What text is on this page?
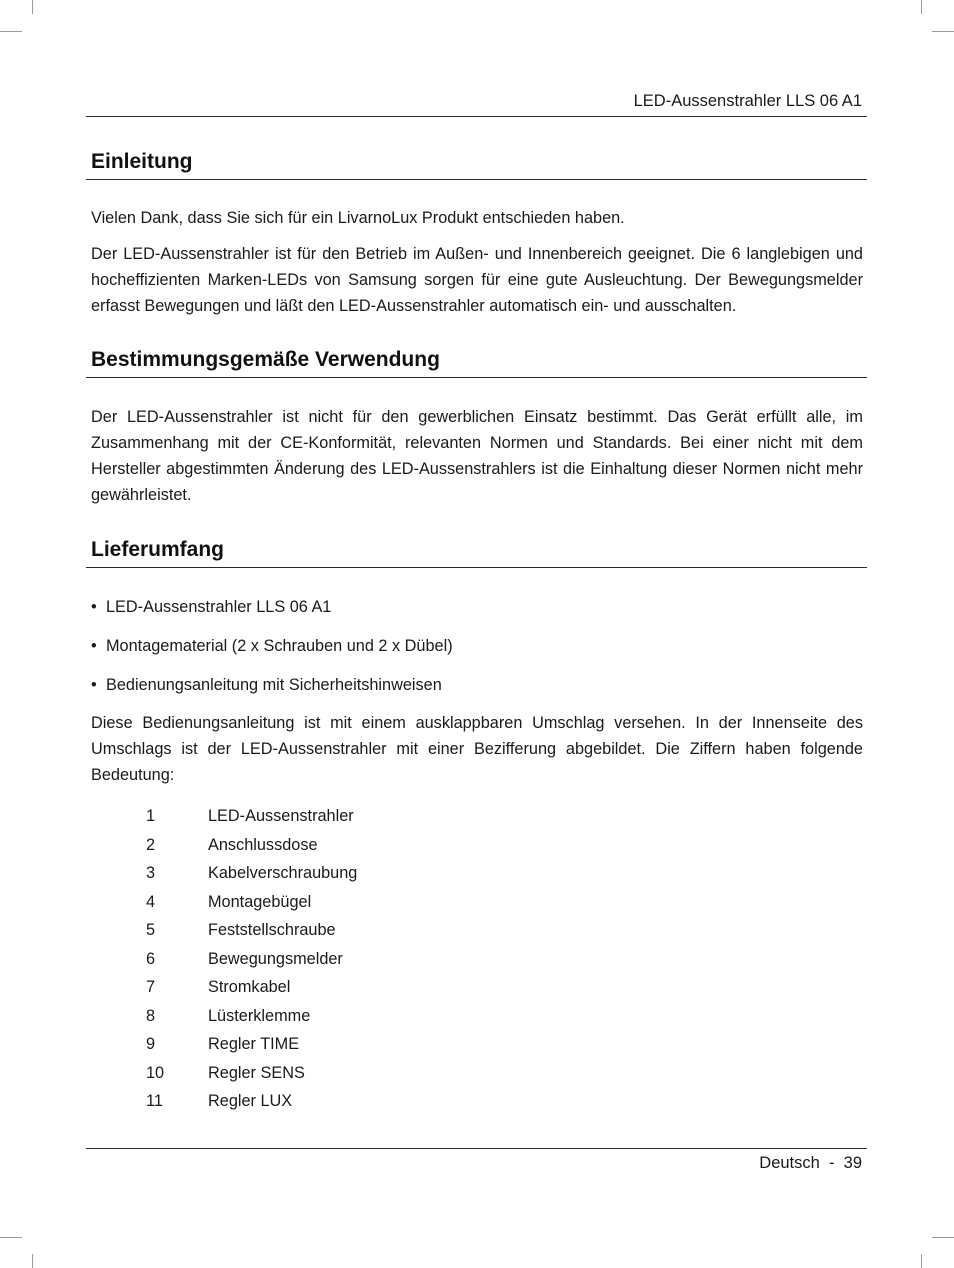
LED-Aussenstrahler LLS 06 A1
Einleitung
Vielen Dank, dass Sie sich für ein LivarnoLux Produkt entschieden haben.
Der LED-Aussenstrahler ist für den Betrieb im Außen- und Innenbereich geeignet. Die 6 langlebigen und hocheffizienten Marken-LEDs von Samsung sorgen für eine gute Ausleuchtung. Der Bewegungsmelder erfasst Bewegungen und läßt den LED-Aussenstrahler automatisch ein- und ausschalten.
Bestimmungsgemäße Verwendung
Der LED-Aussenstrahler ist nicht für den gewerblichen Einsatz bestimmt. Das Gerät erfüllt alle, im Zusammenhang mit der CE-Konformität, relevanten Normen und Standards. Bei einer nicht mit dem Hersteller abgestimmten Änderung des LED-Aussenstrahlers ist die Einhaltung dieser Normen nicht mehr gewährleistet.
Lieferumfang
• LED-Aussenstrahler LLS 06 A1
• Montagematerial (2 x Schrauben und 2 x Dübel)
• Bedienungsanleitung mit Sicherheitshinweisen
Diese Bedienungsanleitung ist mit einem ausklappbaren Umschlag versehen. In der Innenseite des Umschlags ist der LED-Aussenstrahler mit einer Bezifferung abgebildet. Die Ziffern haben folgende Bedeutung:
1	LED-Aussenstrahler
2	Anschlussdose
3	Kabelverschraubung
4	Montagebügel
5	Feststellschraube
6	Bewegungsmelder
7	Stromkabel
8	Lüsterklemme
9	Regler TIME
10	Regler SENS
11	Regler LUX
Deutsch  -  39
